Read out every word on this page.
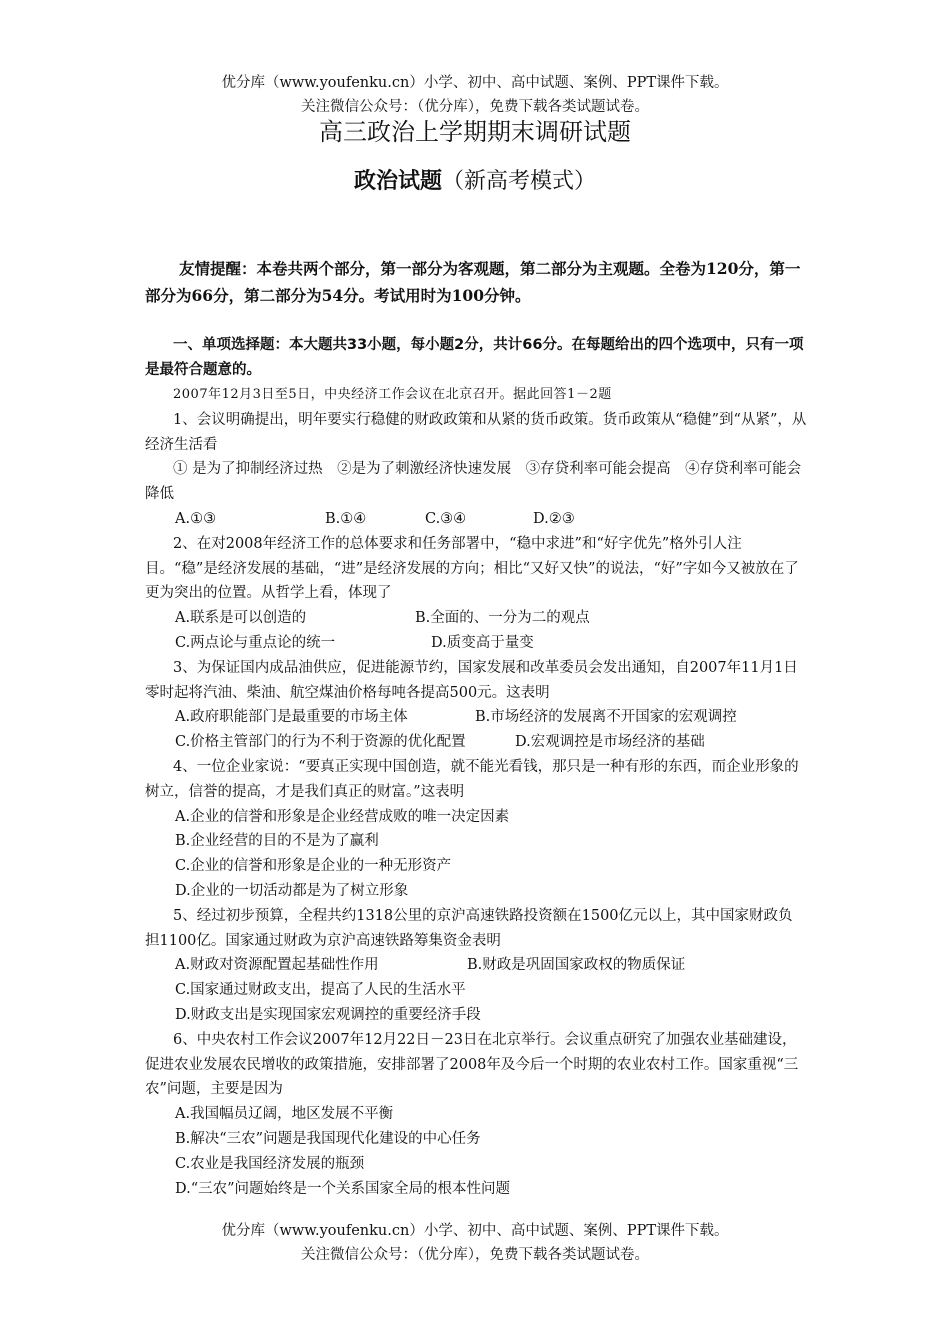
优分库（www.youfenku.cn）小学、初中、高中试题、案例、PPT课件下载。
关注微信公众号：（优分库），免费下载各类试题试卷。
高三政治上学期期末调研试题
政治试题（新高考模式）

友情提醒：本卷共两个部分，第一部分为客观题，第二部分为主观题。全卷为120分，第一部分为66分，第二部分为54分。考试用时为100分钟。

一、单项选择题：本大题共33小题，每小题2分，共计66分。在每题给出的四个选项中，只有一项是最符合题意的。

2007年12月3日至5日，中央经济工作会议在北京召开。据此回答1－2题

1、会议明确提出，明年要实行稳健的财政政策和从紧的货币政策。货币政策从“稳健”到“从紧”，从经济生活看

① 是为了抑制经济过热　②是为了刺激经济快速发展　③存贷利率可能会提高　④存贷利率可能会降低

A.①③	B.①④	C.③④	D.②③

2、在对2008年经济工作的总体要求和任务部署中，“稳中求进”和“好字优先”格外引人注目。“稳”是经济发展的基础，“进”是经济发展的方向；相比“又好又快”的说法，“好”字如今又被放在了更为突出的位置。从哲学上看，体现了

A.联系是可以创造的	B.全面的、一分为二的观点

C.两点论与重点论的统一	D.质变高于量变

3、为保证国内成品油供应，促进能源节约，国家发展和改革委员会发出通知，自2007年11月1日零时起将汽油、柴油、航空煤油价格每吨各提高500元。这表明

A.政府职能部门是最重要的市场主体	B.市场经济的发展离不开国家的宏观调控

C.价格主管部门的行为不利于资源的优化配置	D.宏观调控是市场经济的基础

4、一位企业家说：“要真正实现中国创造，就不能光看钱，那只是一种有形的东西，而企业形象的树立，信誉的提高，才是我们真正的财富。”这表明

A.企业的信誉和形象是企业经营成败的唯一决定因素

B.企业经营的目的不是为了赢利

C.企业的信誉和形象是企业的一种无形资产

D.企业的一切活动都是为了树立形象

5、经过初步预算，全程共约1318公里的京沪高速铁路投资额在1500亿元以上，其中国家财政负担1100亿。国家通过财政为京沪高速铁路筹集资金表明

A.财政对资源配置起基础性作用	B.财政是巩固国家政权的物质保证

C.国家通过财政支出，提高了人民的生活水平

D.财政支出是实现国家宏观调控的重要经济手段

6、中央农村工作会议2007年12月22日－23日在北京举行。会议重点研究了加强农业基础建设，促进农业发展农民增收的政策措施，安排部署了2008年及今后一个时期的农业农村工作。国家重视“三农”问题，主要是因为

A.我国幅员辽阔，地区发展不平衡

B.解决“三农”问题是我国现代化建设的中心任务

C.农业是我国经济发展的瓶颈

D.“三农”问题始终是一个关系国家全局的根本性问题

优分库（www.youfenku.cn）小学、初中、高中试题、案例、PPT课件下载。
关注微信公众号：（优分库），免费下载各类试题试卷。
